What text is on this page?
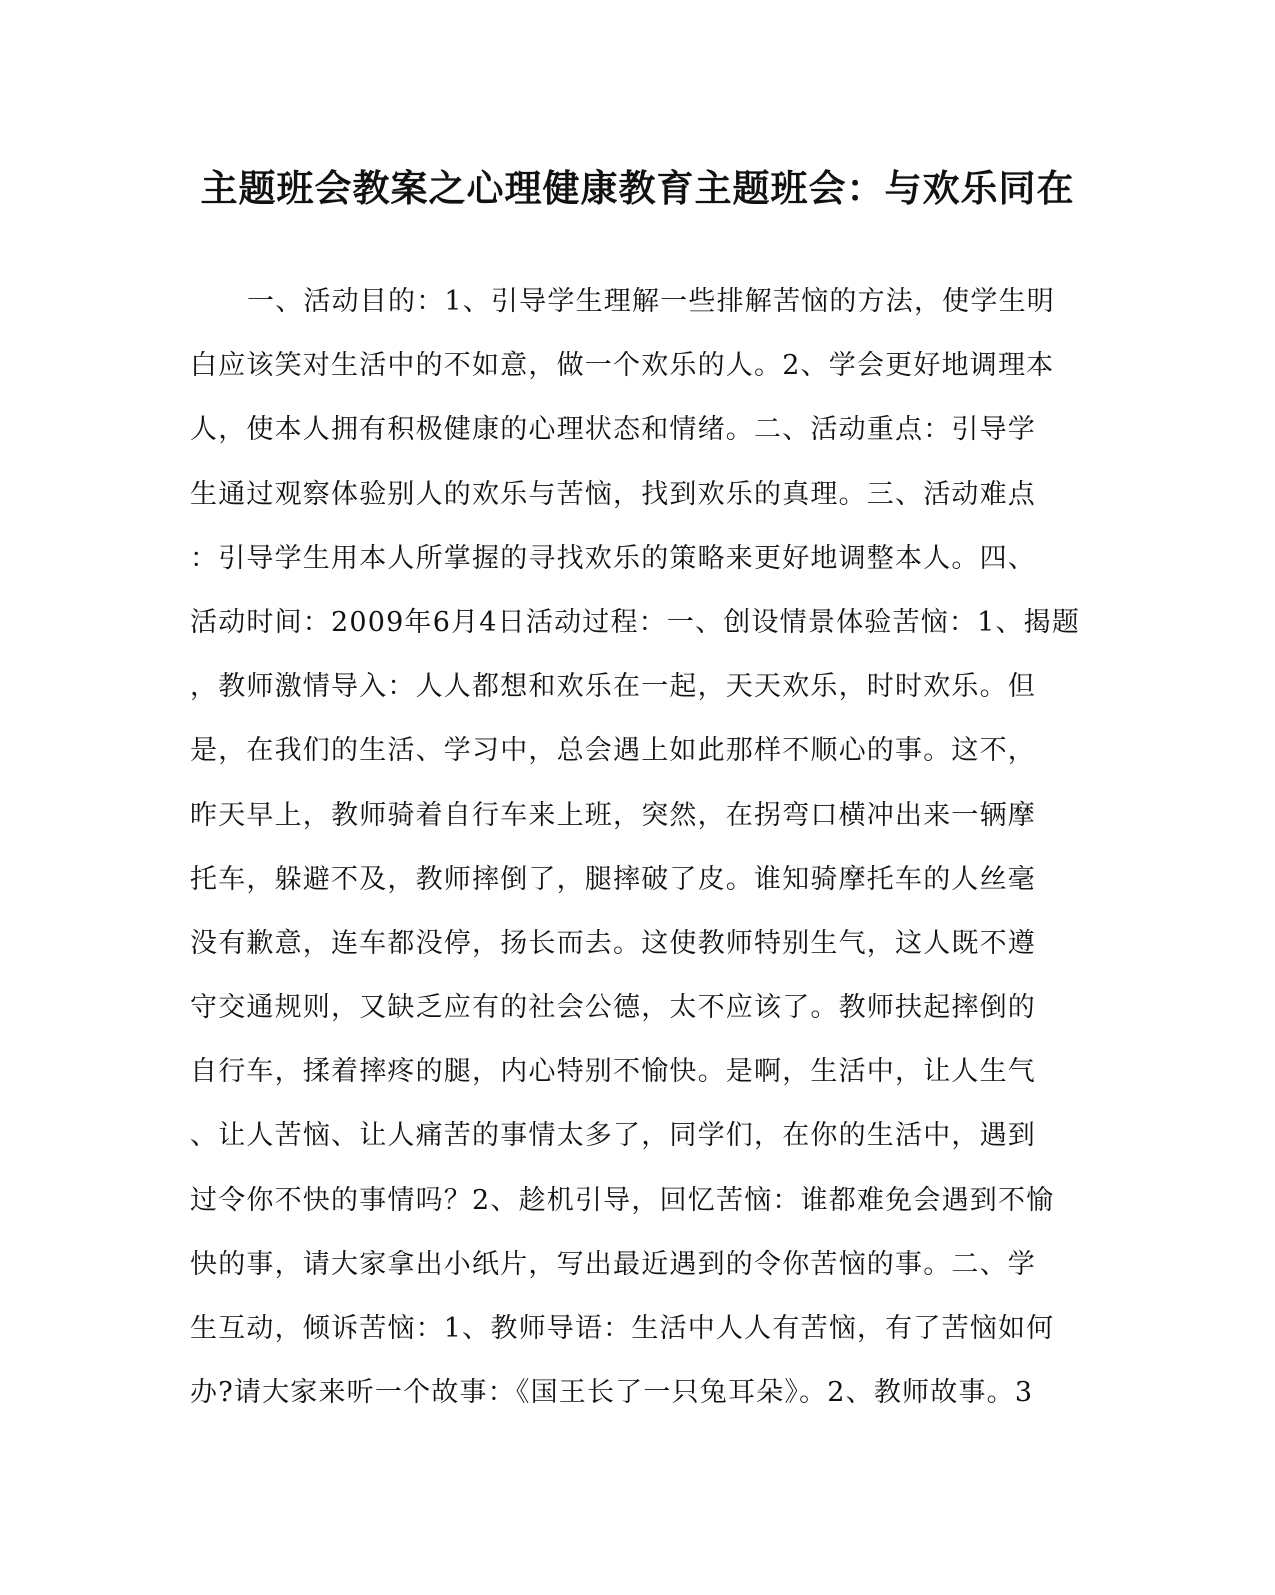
主题班会教案之心理健康教育主题班会：与欢乐同在
一、活动目的：1、引导学生理解一些排解苦恼的方法，使学生明
白应该笑对生活中的不如意，做一个欢乐的人。2、学会更好地调理本
人，使本人拥有积极健康的心理状态和情绪。二、活动重点：引导学
生通过观察体验别人的欢乐与苦恼，找到欢乐的真理。三、活动难点
：引导学生用本人所掌握的寻找欢乐的策略来更好地调整本人。四、
活动时间：2009年6月4日活动过程：一、创设情景体验苦恼：1、揭题
，教师激情导入：人人都想和欢乐在一起，天天欢乐，时时欢乐。但
是，在我们的生活、学习中，总会遇上如此那样不顺心的事。这不，
昨天早上，教师骑着自行车来上班，突然，在拐弯口横冲出来一辆摩
托车，躲避不及，教师摔倒了，腿摔破了皮。谁知骑摩托车的人丝毫
没有歉意，连车都没停，扬长而去。这使教师特别生气，这人既不遵
守交通规则，又缺乏应有的社会公德，太不应该了。教师扶起摔倒的
自行车，揉着摔疼的腿，内心特别不愉快。是啊，生活中，让人生气
、让人苦恼、让人痛苦的事情太多了，同学们，在你的生活中，遇到
过令你不快的事情吗？2、趁机引导，回忆苦恼：谁都难免会遇到不愉
快的事，请大家拿出小纸片，写出最近遇到的令你苦恼的事。二、学
生互动，倾诉苦恼：1、教师导语：生活中人人有苦恼，有了苦恼如何
办?请大家来听一个故事：《国王长了一只兔耳朵》。2、教师故事。3
